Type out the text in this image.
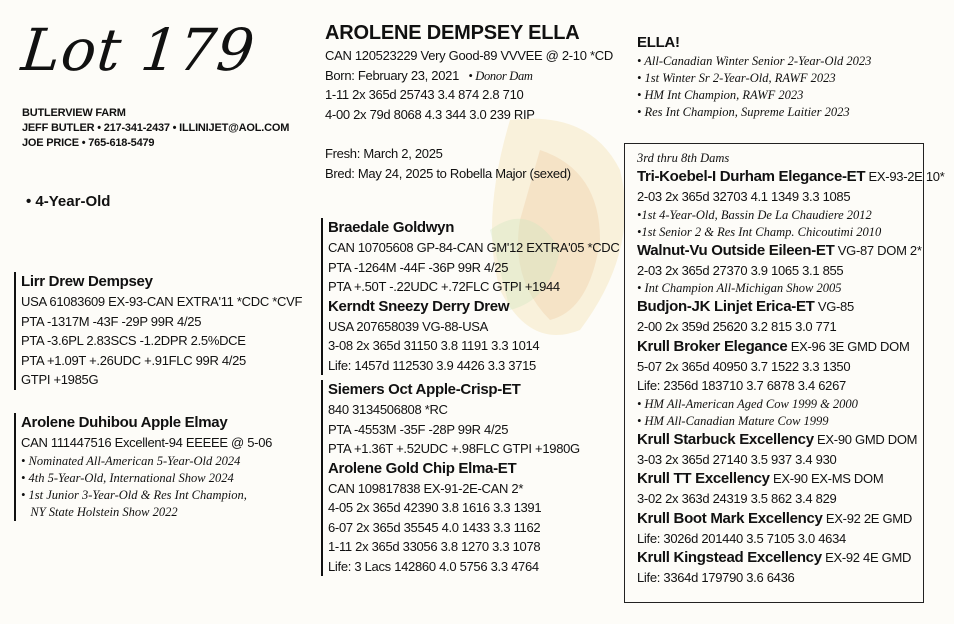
Lot 179
BUTLERVIEW FARM
JEFF BUTLER • 217-341-2437 • ILLINIJET@AOL.COM
JOE PRICE • 765-618-5479
• 4-Year-Old
Lirr Drew Dempsey
USA 61083609 EX-93-CAN EXTRA'11 *CDC *CVF
PTA -1317M -43F -29P 99R 4/25
PTA -3.6PL 2.83SCS -1.2DPR 2.5%DCE
PTA +1.09T +.26UDC +.91FLC 99R 4/25
GTPI +1985G
Arolene Duhibou Apple Elmay
CAN 111447516 Excellent-94 EEEEE @ 5-06
• Nominated All-American 5-Year-Old 2024
• 4th 5-Year-Old, International Show 2024
• 1st Junior 3-Year-Old & Res Int Champion,
NY State Holstein Show 2022
AROLENE DEMPSEY ELLA
CAN 120523229 Very Good-89 VVVEE @ 2-10 *CD
Born: February 23, 2021 • Donor Dam
1-11 2x 365d 25743 3.4 874 2.8 710
4-00 2x 79d 8068 4.3 344 3.0 239 RIP
Fresh: March 2, 2025
Bred: May 24, 2025 to Robella Major (sexed)
Braedale Goldwyn
CAN 10705608 GP-84-CAN GM'12 EXTRA'05 *CDC
PTA -1264M -44F -36P 99R 4/25
PTA +.50T -.22UDC +.72FLC GTPI +1944
Kerndt Sneezy Derry Drew
USA 207658039 VG-88-USA
3-08 2x 365d 31150 3.8 1191 3.3 1014
Life: 1457d 112530 3.9 4426 3.3 3715
Siemers Oct Apple-Crisp-ET
840 3134506808 *RC
PTA -4553M -35F -28P 99R 4/25
PTA +1.36T +.52UDC +.98FLC GTPI +1980G
Arolene Gold Chip Elma-ET
CAN 109817838 EX-91-2E-CAN 2*
4-05 2x 365d 42390 3.8 1616 3.3 1391
6-07 2x 365d 35545 4.0 1433 3.3 1162
1-11 2x 365d 33056 3.8 1270 3.3 1078
Life: 3 Lacs 142860 4.0 5756 3.3 4764
ELLA!
• All-Canadian Winter Senior 2-Year-Old 2023
• 1st Winter Sr 2-Year-Old, RAWF 2023
• HM Int Champion, RAWF 2023
• Res Int Champion, Supreme Laitier 2023
3rd thru 8th Dams
Tri-Koebel-I Durham Elegance-ET EX-93-2E 10*
2-03 2x 365d 32703 4.1 1349 3.3 1085
•1st 4-Year-Old, Bassin De La Chaudiere 2012
•1st Senior 2 & Res Int Champ. Chicoutimi 2010
Walnut-Vu Outside Eileen-ET VG-87 DOM 2*
2-03 2x 365d 27370 3.9 1065 3.1 855
• Int Champion All-Michigan Show 2005
Budjon-JK Linjet Erica-ET VG-85
2-00 2x 359d 25620 3.2 815 3.0 771
Krull Broker Elegance EX-96 3E GMD DOM
5-07 2x 365d 40950 3.7 1522 3.3 1350
Life: 2356d 183710 3.7 6878 3.4 6267
• HM All-American Aged Cow 1999 & 2000
• HM All-Canadian Mature Cow 1999
Krull Starbuck Excellency EX-90 GMD DOM
3-03 2x 365d 27140 3.5 937 3.4 930
Krull TT Excellency EX-90 EX-MS DOM
3-02 2x 363d 24319 3.5 862 3.4 829
Krull Boot Mark Excellency EX-92 2E GMD
Life: 3026d 201440 3.5 7105 3.0 4634
Krull Kingstead Excellency EX-92 4E GMD
Life: 3364d 179790 3.6 6436
